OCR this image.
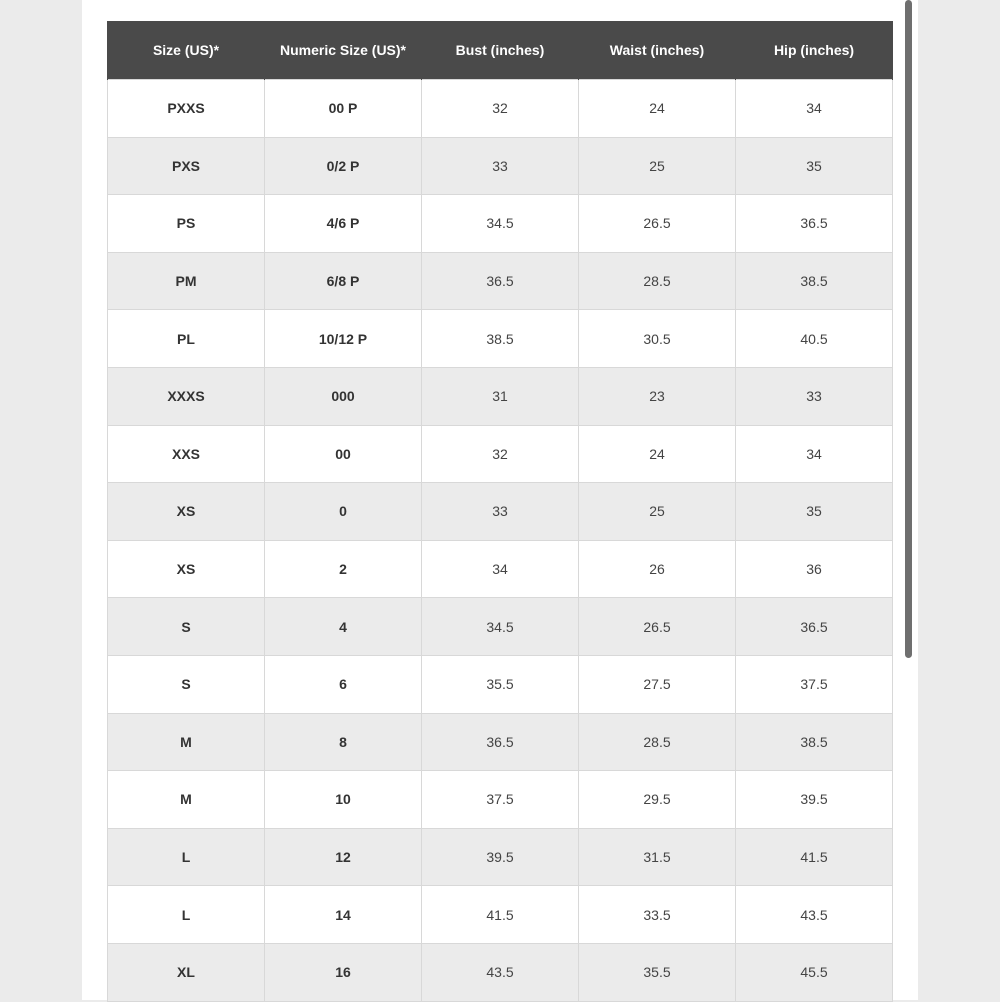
Size (US)*	Numeric Size (US)*	Bust (inches)	Waist (inches)	Hip (inches)
PXXS	00 P	32	24	34
PXS	0/2 P	33	25	35
PS	4/6 P	34.5	26.5	36.5
PM	6/8 P	36.5	28.5	38.5
PL	10/12 P	38.5	30.5	40.5
XXXS	000	31	23	33
XXS	00	32	24	34
XS	0	33	25	35
XS	2	34	26	36
S	4	34.5	26.5	36.5
S	6	35.5	27.5	37.5
M	8	36.5	28.5	38.5
M	10	37.5	29.5	39.5
L	12	39.5	31.5	41.5
L	14	41.5	33.5	43.5
XL	16	43.5	35.5	45.5
